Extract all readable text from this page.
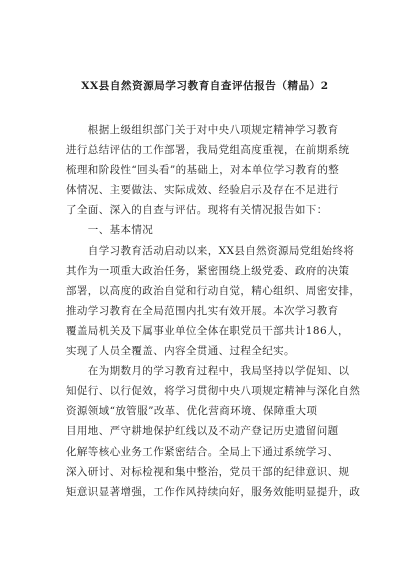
XX县自然资源局学习教育自查评估报告（精品）2
　　根据上级组织部门关于对中央八项规定精神学习教育
进行总结评估的工作部署，我局党组高度重视，在前期系统
梳理和阶段性“回头看”的基础上，对本单位学习教育的整
体情况、主要做法、实际成效、经验启示及存在不足进行
了全面、深入的自查与评估。现将有关情况报告如下：
　　一、基本情况
　　自学习教育活动启动以来，XX县自然资源局党组始终将
其作为一项重大政治任务，紧密围绕上级党委、政府的决策
部署，以高度的政治自觉和行动自觉，精心组织、周密安排，
推动学习教育在全局范围内扎实有效开展。本次学习教育
覆盖局机关及下属事业单位全体在职党员干部共计186人，
实现了人员全覆盖、内容全贯通、过程全纪实。
　　在为期数月的学习教育过程中，我局坚持以学促知、以
知促行、以行促效，将学习贯彻中央八项规定精神与深化自然
资源领域“放管服”改革、优化营商环境、保障重大项
目用地、严守耕地保护红线以及不动产登记历史遗留问题
化解等核心业务工作紧密结合。全局上下通过系统学习、
深入研讨、对标检视和集中整治，党员干部的纪律意识、规
矩意识显著增强，工作作风持续向好，服务效能明显提升，政
